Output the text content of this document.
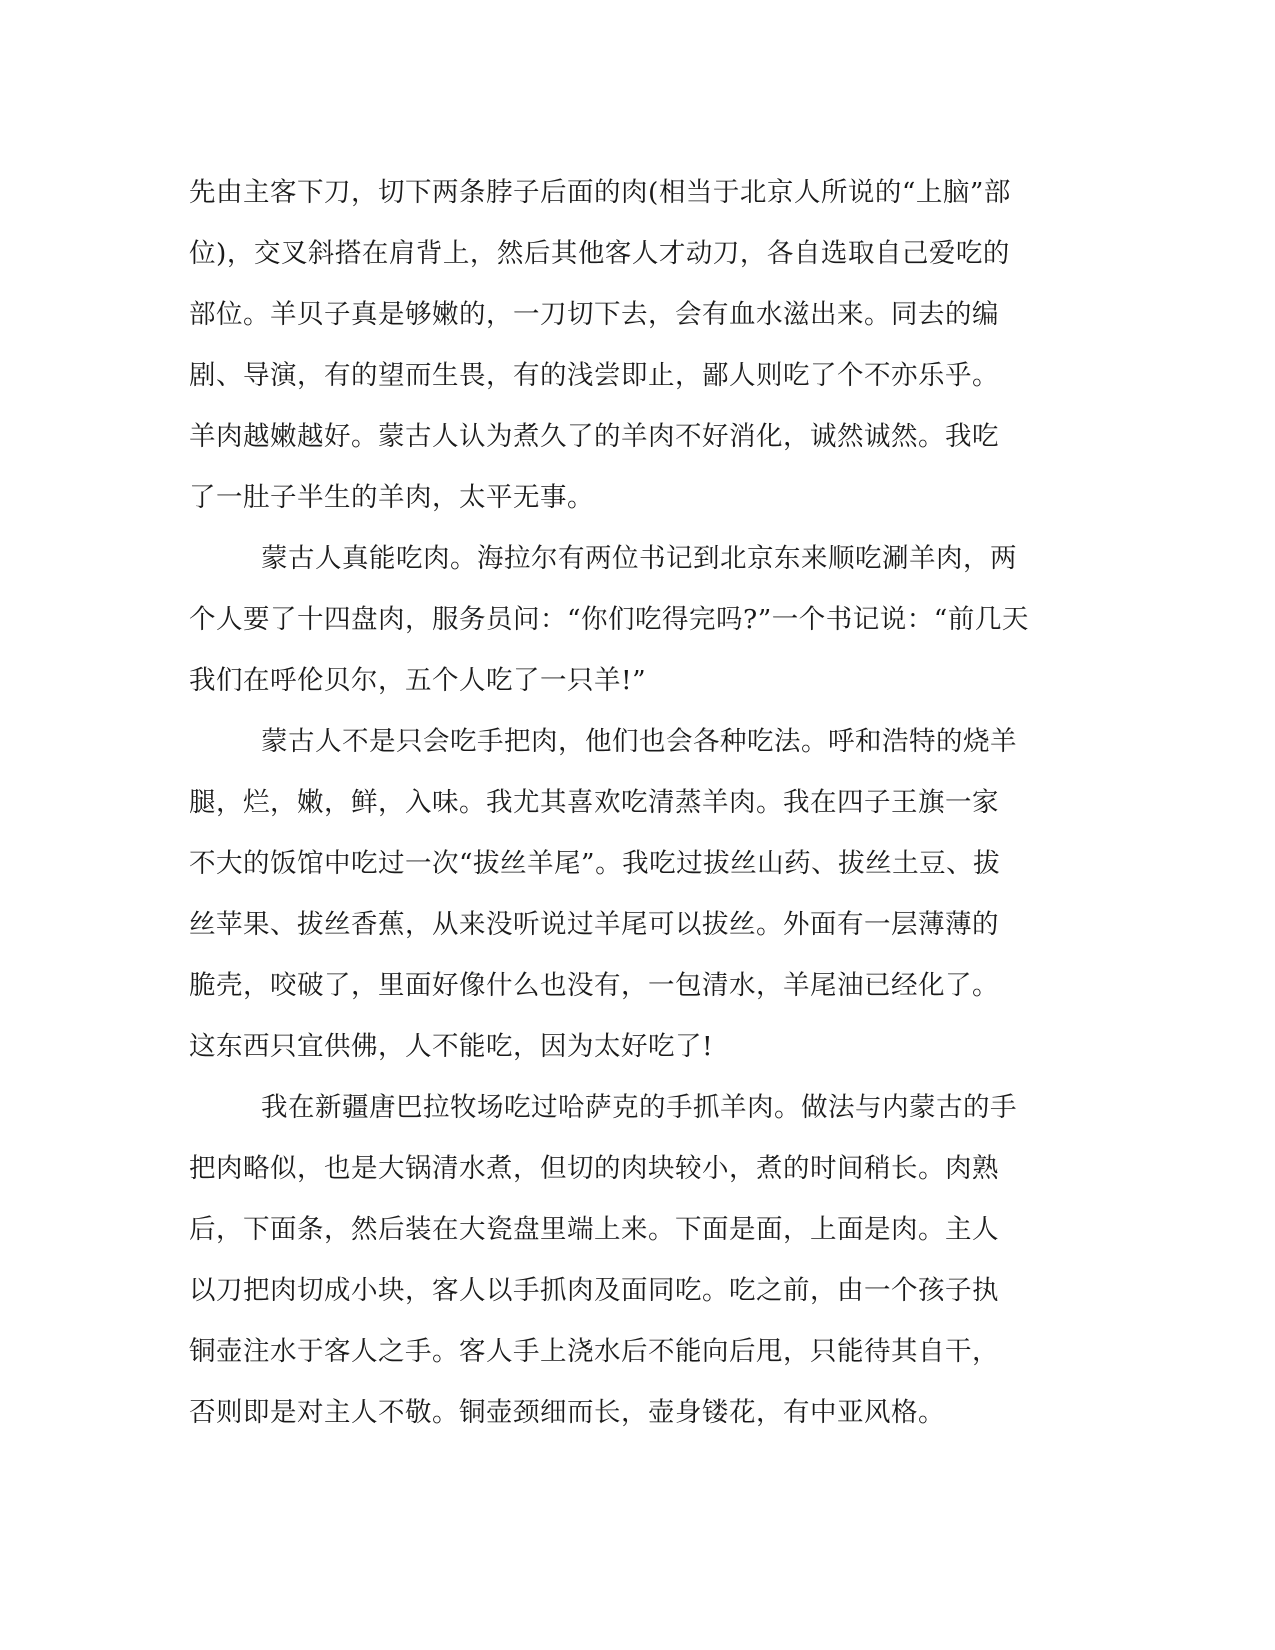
先由主客下刀，切下两条脖子后面的肉(相当于北京人所说的“上脑”部
位)，交叉斜搭在肩背上，然后其他客人才动刀，各自选取自己爱吃的
部位。羊贝子真是够嫩的，一刀切下去，会有血水滋出来。同去的编
剧、导演，有的望而生畏，有的浅尝即止，鄙人则吃了个不亦乐乎。
羊肉越嫩越好。蒙古人认为煮久了的羊肉不好消化，诚然诚然。我吃
了一肚子半生的羊肉，太平无事。
蒙古人真能吃肉。海拉尔有两位书记到北京东来顺吃涮羊肉，两
个人要了十四盘肉，服务员问：“你们吃得完吗?”一个书记说：“前几天
我们在呼伦贝尔，五个人吃了一只羊!”
蒙古人不是只会吃手把肉，他们也会各种吃法。呼和浩特的烧羊
腿，烂，嫩，鲜，入味。我尤其喜欢吃清蒸羊肉。我在四子王旗一家
不大的饭馆中吃过一次“拔丝羊尾”。我吃过拔丝山药、拔丝土豆、拔
丝苹果、拔丝香蕉，从来没听说过羊尾可以拔丝。外面有一层薄薄的
脆壳，咬破了，里面好像什么也没有，一包清水，羊尾油已经化了。
这东西只宜供佛，人不能吃，因为太好吃了!
我在新疆唐巴拉牧场吃过哈萨克的手抓羊肉。做法与内蒙古的手
把肉略似，也是大锅清水煮，但切的肉块较小，煮的时间稍长。肉熟
后，下面条，然后装在大瓷盘里端上来。下面是面，上面是肉。主人
以刀把肉切成小块，客人以手抓肉及面同吃。吃之前，由一个孩子执
铜壶注水于客人之手。客人手上浇水后不能向后甩，只能待其自干，
否则即是对主人不敬。铜壶颈细而长，壶身镂花，有中亚风格。
